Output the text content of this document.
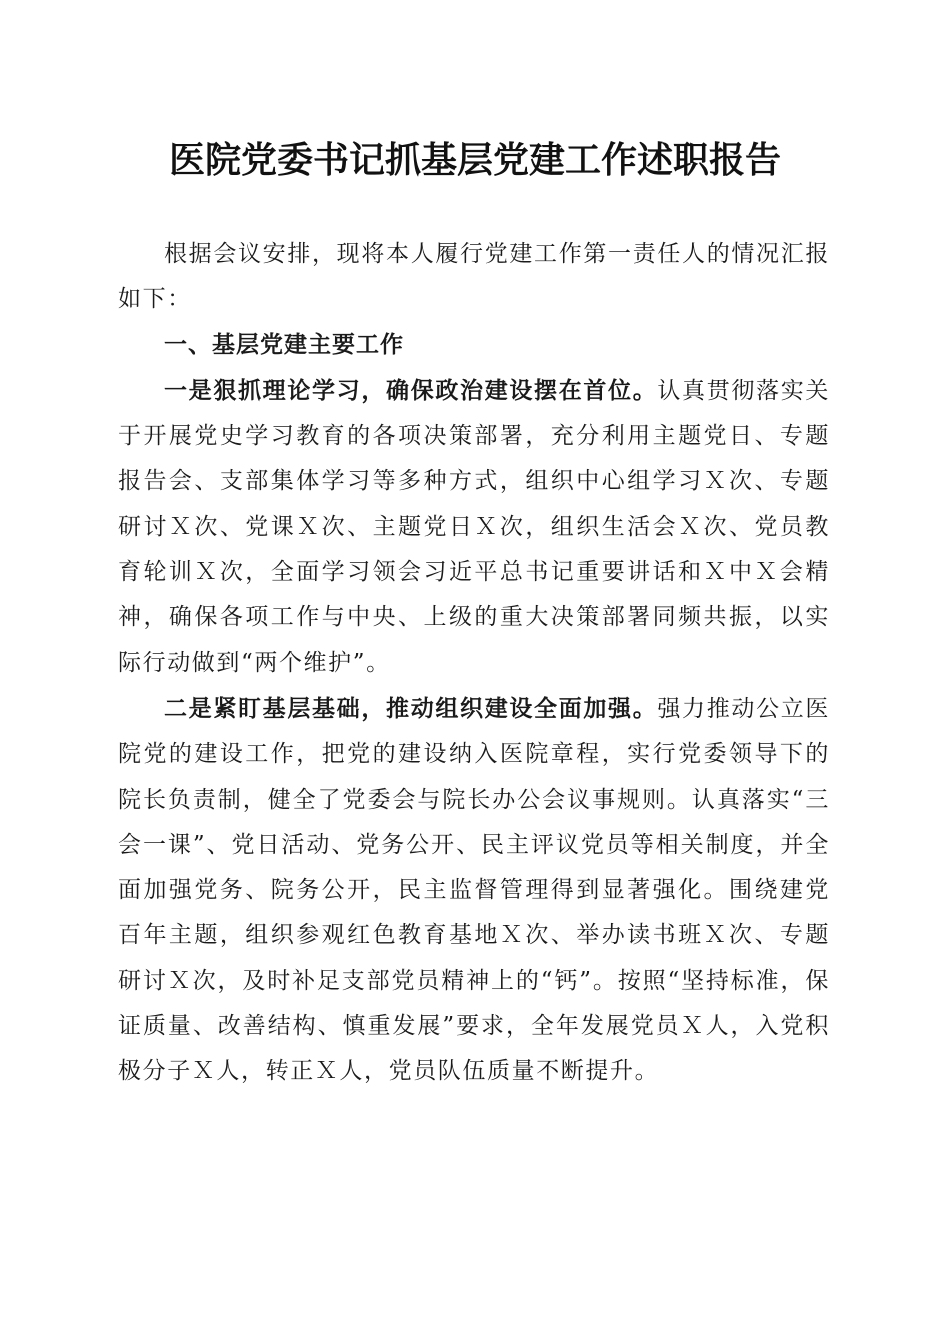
医院党委书记抓基层党建工作述职报告

根据会议安排，现将本人履行党建工作第一责任人的情况汇报如下：

一、基层党建主要工作

一是狠抓理论学习，确保政治建设摆在首位。认真贯彻落实关于开展党史学习教育的各项决策部署，充分利用主题党日、专题报告会、支部集体学习等多种方式，组织中心组学习Ｘ次、专题研讨Ｘ次、党课Ｘ次、主题党日Ｘ次，组织生活会Ｘ次、党员教育轮训Ｘ次，全面学习领会习近平总书记重要讲话和Ｘ中Ｘ会精神，确保各项工作与中央、上级的重大决策部署同频共振，以实际行动做到“两个维护”。

二是紧盯基层基础，推动组织建设全面加强。强力推动公立医院党的建设工作，把党的建设纳入医院章程，实行党委领导下的院长负责制，健全了党委会与院长办公会议事规则。认真落实“三会一课”、党日活动、党务公开、民主评议党员等相关制度，并全面加强党务、院务公开，民主监督管理得到显著强化。围绕建党百年主题，组织参观红色教育基地Ｘ次、举办读书班Ｘ次、专题研讨Ｘ次，及时补足支部党员精神上的“钙”。按照“坚持标准，保证质量、改善结构、慎重发展”要求，全年发展党员Ｘ人，入党积极分子Ｘ人，转正Ｘ人，党员队伍质量不断提升。
